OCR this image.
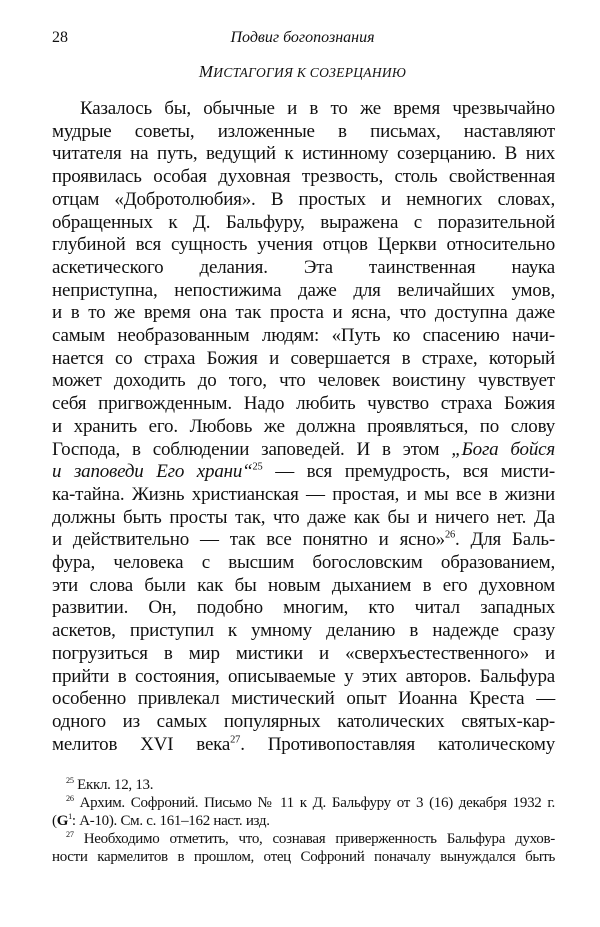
28	Подвиг богопознания
МИСТАГОГИЯ К СОЗЕРЦАНИЮ
Казалось бы, обычные и в то же время чрезвычайно
мудрые советы, изложенные в письмах, наставляют
читателя на путь, ведущий к истинному созерцанию. В них
проявилась особая духовная трезвость, столь свойственная
отцам «Добротолюбия». В простых и немногих словах,
обращенных к Д. Бальфуру, выражена с поразительной
глубиной вся сущность учения отцов Церкви относительно
аскетического делания. Эта таинственная наука
неприступна, непостижима даже для величайших умов,
и в то же время она так проста и ясна, что доступна даже
самым необразованным людям: «Путь ко спасению начи-
нается со страха Божия и совершается в страхе, который
может доходить до того, что человек воистину чувствует
себя пригвожденным. Надо любить чувство страха Божия
и хранить его. Любовь же должна проявляться, по слову
Господа, в соблюдении заповедей. И в этом „Бога бойся
и заповеди Его храни“$^{25}$ — вся премудрость, вся мисти-
ка-тайна. Жизнь христианская — простая, и мы все в жизни
должны быть просты так, что даже как бы и ничего нет. Да
и действительно — так все понятно и ясно»$^{26}$. Для Баль-
фура, человека с высшим богословским образованием,
эти слова были как бы новым дыханием в его духовном
развитии. Он, подобно многим, кто читал западных
аскетов, приступил к умному деланию в надежде сразу
погрузиться в мир мистики и «сверхъестественного» и
прийти в состояния, описываемые у этих авторов. Бальфура
особенно привлекал мистический опыт Иоанна Креста —
одного из самых популярных католических святых-кар-
мелитов XVI века$^{27}$. Противопоставляя католическому
$^{25}$ Еккл. 12, 13.
$^{26}$ Архим. Софроний. Письмо № 11 к Д. Бальфуру от 3 (16) декабря 1932 г.
($G^1$: А-10). См. с. 161–162 наст. изд.
$^{27}$ Необходимо отметить, что, сознавая приверженность Бальфура духов-
ности кармелитов в прошлом, отец Софроний поначалу вынуждался быть
